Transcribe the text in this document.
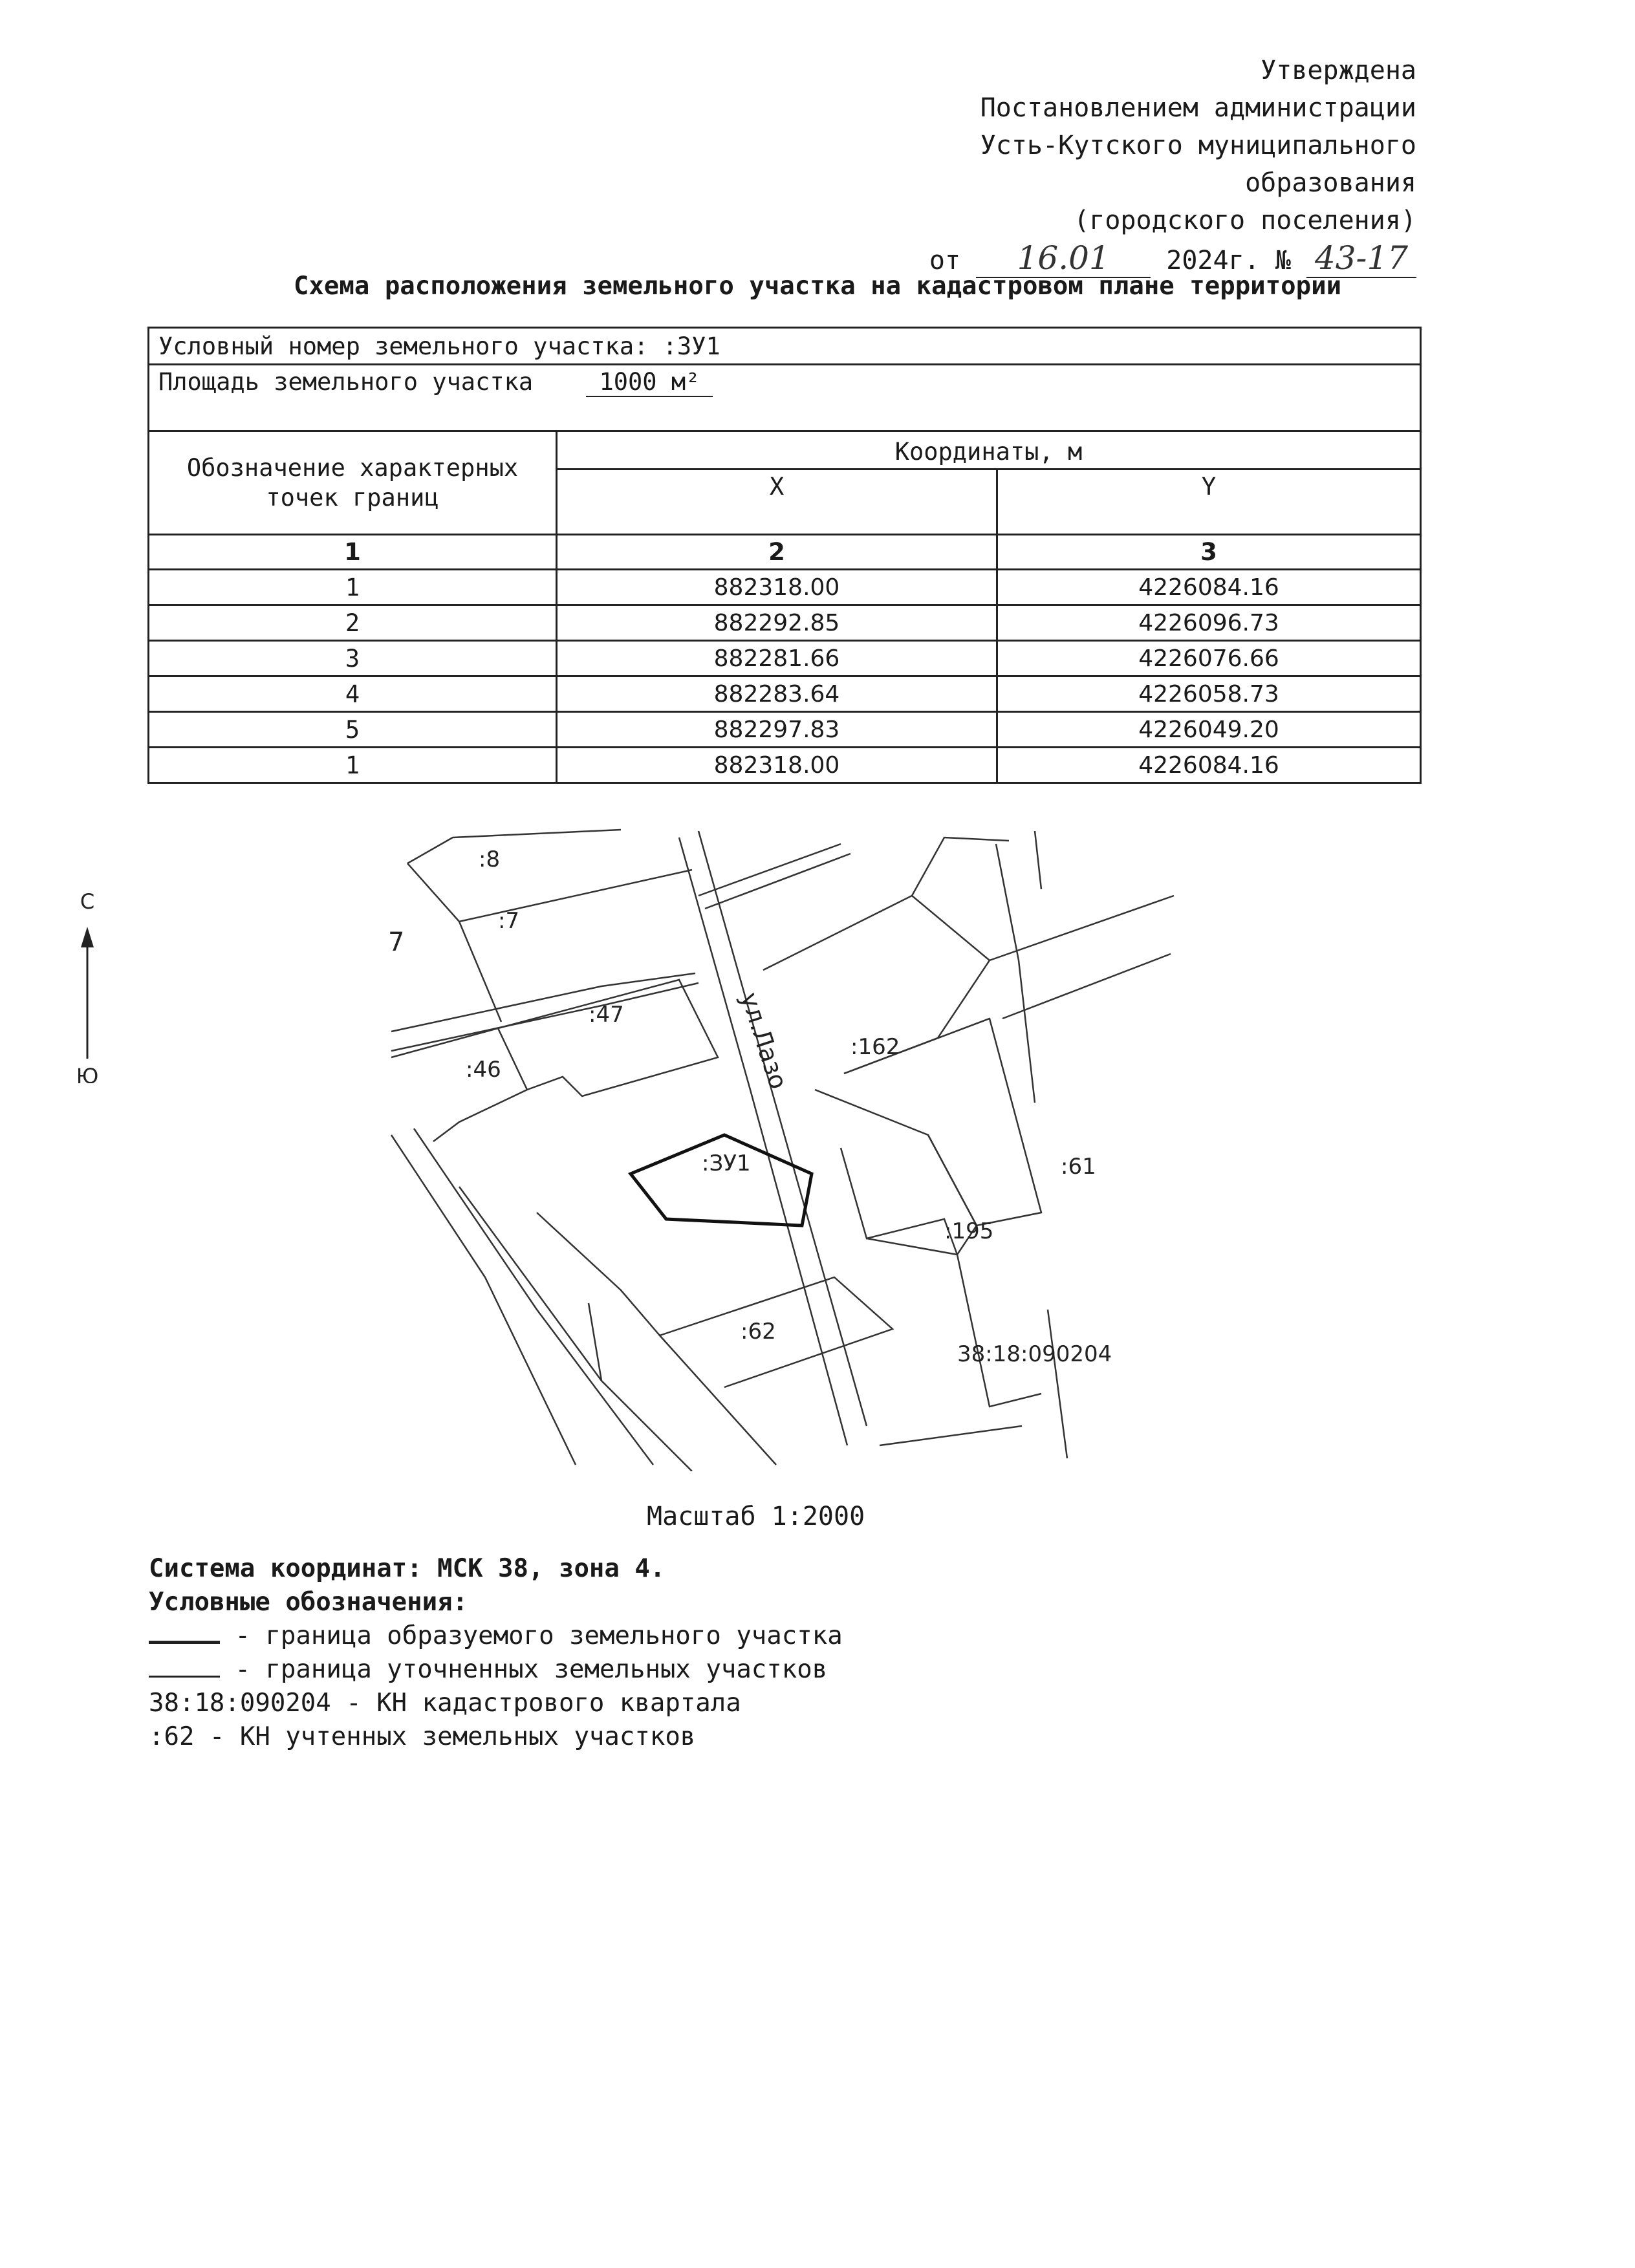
Утверждена
Постановлением администрации
Усть-Кутского муниципального
образования
(городского поселения)
от 16.01 2024г. № 43-17
Схема расположения земельного участка на кадастровом плане территории
Условный номер земельного участка: :ЗУ1		
Площадь земельного участка 1000 м²		
Обозначение характерных точек границ	Координаты, м	
	X	Y
1	2	3
1	882318.00	4226084.16
2	882292.85	4226096.73
3	882281.66	4226076.66
4	882283.64	4226058.73
5	882297.83	4226049.20
1	882318.00	4226084.16
С
Ю
:8
:7
7
:47
:46	ул.Лазо	:162
:ЗУ1	:61
:195
:62
38:18:090204
Масштаб 1:2000
Система координат: МСК 38, зона 4.
Условные обозначения:
- граница образуемого земельного участка
- граница уточненных земельных участков
38:18:090204 - КН кадастрового квартала
:62 - КН учтенных земельных участков
